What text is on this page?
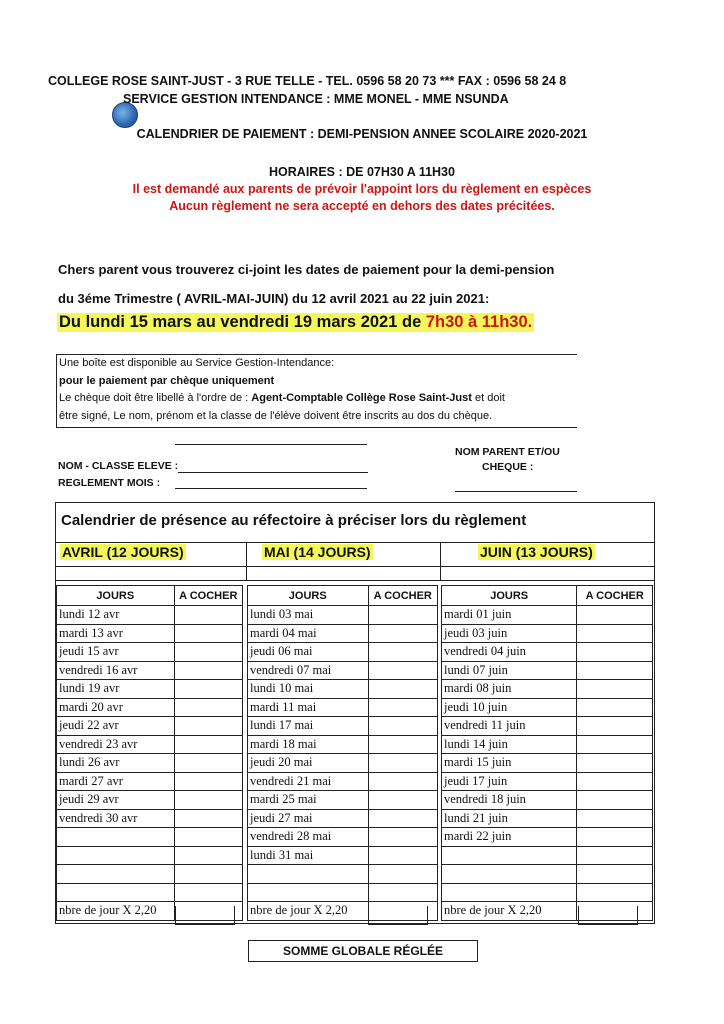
COLLEGE ROSE SAINT-JUST - 3 RUE TELLE - TEL. 0596 58 20 73 *** FAX : 0596 58 24 8
SERVICE GESTION INTENDANCE : MME MONEL - MME NSUNDA
CALENDRIER DE PAIEMENT : DEMI-PENSION ANNEE SCOLAIRE 2020-2021
HORAIRES : DE 07H30 A 11H30
Il est demandé aux parents de prévoir l'appoint lors du règlement en espèces
Aucun règlement ne sera accepté en dehors des dates précitées.
Chers parent vous trouverez ci-joint les dates de paiement pour la demi-pension
du 3éme Trimestre ( AVRIL-MAI-JUIN) du 12 avril 2021 au 22 juin 2021:
Du lundi 15 mars au vendredi 19 mars 2021 de 7h30 à 11h30.
Une boîte est disponible au Service Gestion-Intendance:
pour le paiement par chèque uniquement
Le chèque doit être libellé à l'ordre de : Agent-Comptable Collège Rose Saint-Just et doit
être signé, Le nom, prénom et la classe de l'élève doivent être inscrits au dos du chèque.
NOM - CLASSE ELEVE :
REGLEMENT MOIS :
NOM PARENT ET/OU
CHEQUE :
Calendrier de présence au réfectoire à préciser lors du règlement
AVRIL (12 JOURS)	MAI (14 JOURS)	JUIN (13 JOURS)
JOURS	A COCHER
lundi 12 avr	
mardi 13 avr	
jeudi 15 avr	
vendredi 16 avr	
lundi 19 avr	
mardi 20 avr	
jeudi 22 avr	
vendredi 23 avr	
lundi 26 avr	
mardi 27 avr	
jeudi 29 avr	
vendredi 30 avr	

nbre de jour X 2,20	
JOURS	A COCHER
lundi 03 mai	
mardi 04 mai	
jeudi 06 mai	
vendredi 07 mai	
lundi 10 mai	
mardi 11 mai	
lundi 17 mai	
mardi 18 mai	
jeudi 20 mai	
vendredi 21 mai	
mardi 25 mai	
jeudi 27 mai	
vendredi 28 mai	
lundi 31 mai	

nbre de jour X 2,20	
JOURS	A COCHER
mardi 01 juin	
jeudi 03 juin	
vendredi 04 juin	
lundi 07 juin	
mardi 08 juin	
jeudi 10 juin	
vendredi 11 juin	
lundi 14 juin	
mardi 15 juin	
jeudi 17 juin	
vendredi 18 juin	
lundi 21 juin	
mardi 22 juin	

nbre de jour X 2,20	
SOMME GLOBALE RÉGLÉE
